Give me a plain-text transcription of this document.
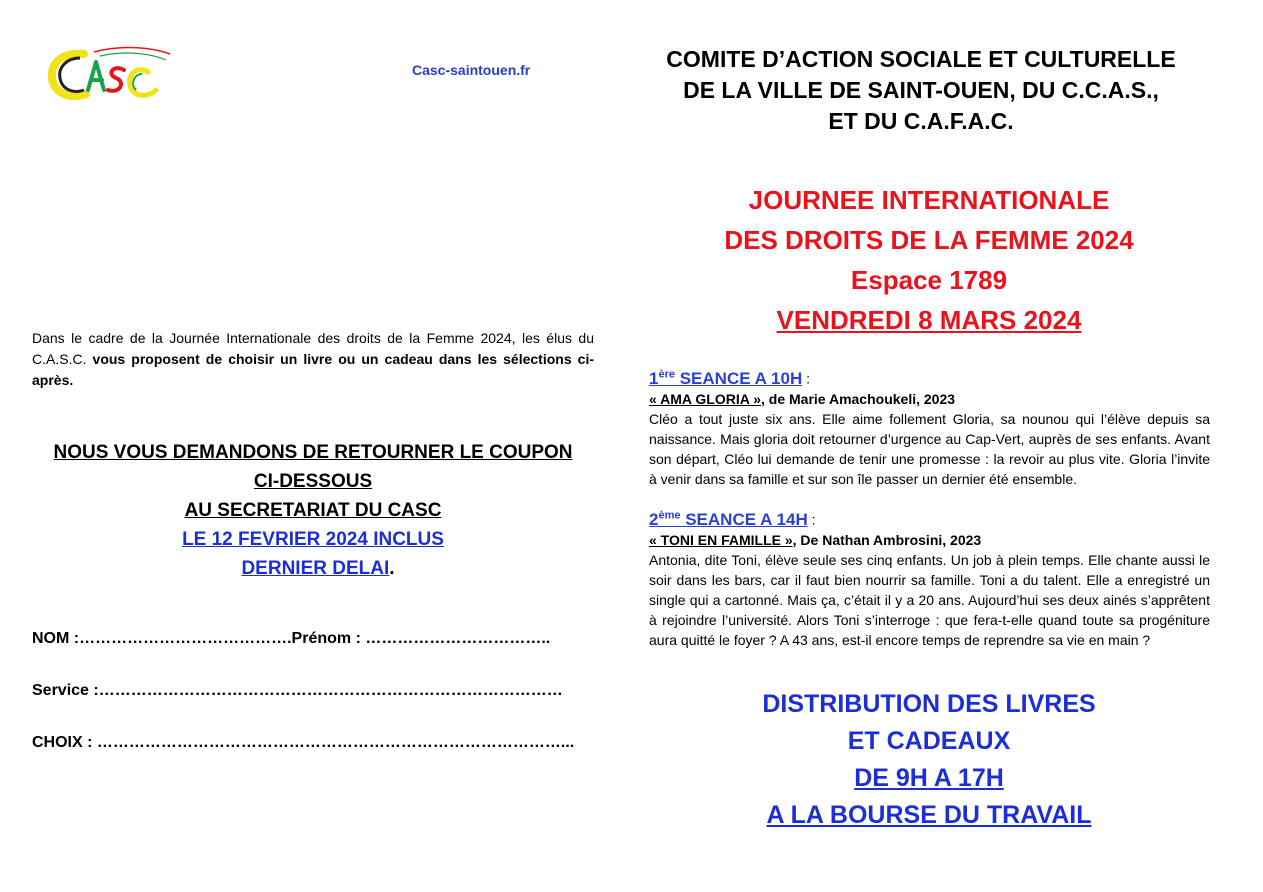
CASC
Casc-saintouen.fr
Dans le cadre de la Journée Internationale des droits de la Femme 2024, les élus du C.A.S.C. vous proposent de choisir un livre ou un cadeau dans les sélections ci-après.
NOUS VOUS DEMANDONS DE RETOURNER LE COUPON
CI-DESSOUS
AU SECRETARIAT DU CASC
LE 12 FEVRIER 2024 INCLUS
DERNIER DELAI.
NOM :………………………………….Prénom : ……………………………..
Service :……………………………………………………………………………
CHOIX : ……………………………………………………………………………...
COMITE D’ACTION SOCIALE ET CULTURELLE
DE LA VILLE DE SAINT-OUEN, DU C.C.A.S.,
ET DU C.A.F.A.C.
JOURNEE INTERNATIONALE
DES DROITS DE LA FEMME 2024
Espace 1789
VENDREDI 8 MARS 2024
1ère SEANCE A 10H :
« AMA GLORIA », de Marie Amachoukeli, 2023
Cléo a tout juste six ans. Elle aime follement Gloria, sa nounou qui l’élève depuis sa naissance. Mais gloria doit retourner d’urgence au Cap-Vert, auprès de ses enfants. Avant son départ, Cléo lui demande de tenir une promesse : la revoir au plus vite. Gloria l’invite à venir dans sa famille et sur son île passer un dernier été ensemble.
2ème SEANCE A 14H :
« TONI EN FAMILLE », De Nathan Ambrosini, 2023
Antonia, dite Toni, élève seule ses cinq enfants. Un job à plein temps. Elle chante aussi le soir dans les bars, car il faut bien nourrir sa famille. Toni a du talent. Elle a enregistré un single qui a cartonné. Mais ça, c’était il y a 20 ans. Aujourd’hui ses deux ainés s’apprêtent à rejoindre l’université. Alors Toni s’interroge : que fera-t-elle quand toute sa progéniture aura quitté le foyer ? A 43 ans, est-il encore temps de reprendre sa vie en main ?
DISTRIBUTION DES LIVRES
ET CADEAUX
DE 9H A 17H
A LA BOURSE DU TRAVAIL
